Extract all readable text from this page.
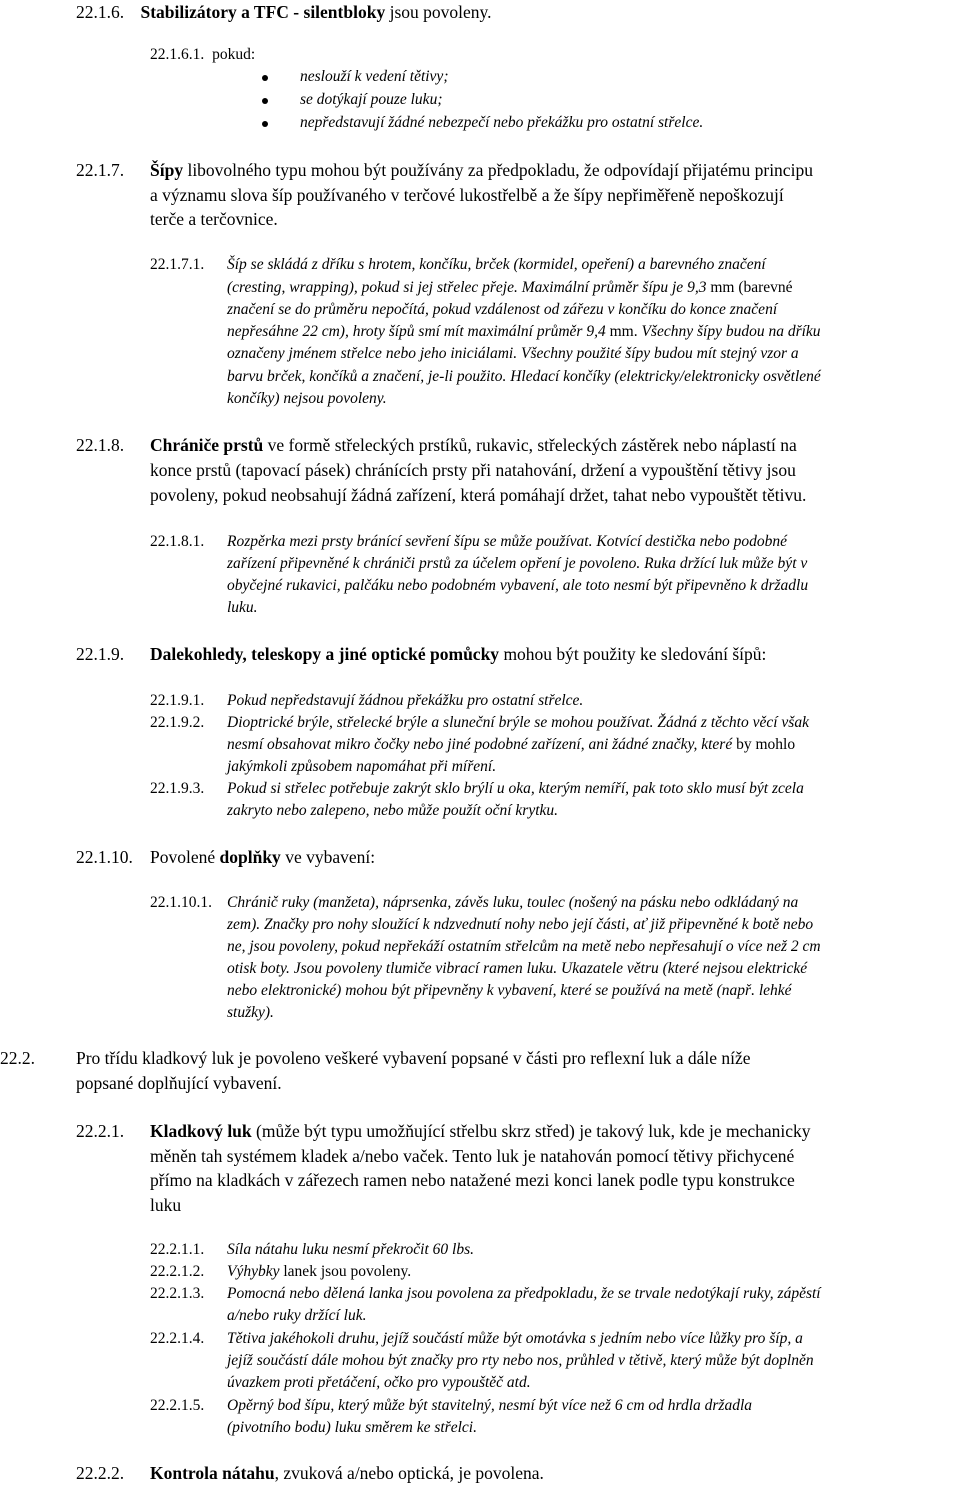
22.1.6. Stabilizátory a TFC - silentbloky jsou povoleny.
22.1.6.1. pokud:
neslouží k vedení tětivy;
se dotýkají pouze luku;
nepředstavují žádné nebezpečí nebo překážku pro ostatní střelce.
22.1.7. Šípy libovolného typu mohou být používány za předpokladu, že odpovídají přijatému principu
a významu slova šíp používaného v terčové lukostřelbě a že šípy nepřiměřeně nepoškozují
terče a terčovnice.
22.1.7.1. Šíp se skládá z dříku s hrotem, končíku, brček (kormidel, opeření) a barevného značení
(cresting, wrapping), pokud si jej střelec přeje. Maximální průměr šípu je 9,3 mm (barevné
značení se do průměru nepočítá, pokud vzdálenost od zářezu v končíku do konce značení
nepřesáhne 22 cm), hroty šípů smí mít maximální průměr 9,4 mm. Všechny šípy budou na dříku
označeny jménem střelce nebo jeho iniciálami. Všechny použité šípy budou mít stejný vzor a
barvu brček, končíků a značení, je-li použito. Hledací končíky (elektricky/elektronicky osvětlené
končíky) nejsou povoleny.
22.1.8. Chrániče prstů ve formě střeleckých prstíků, rukavic, střeleckých zástěrek nebo náplastí na
konce prstů (tapovací pásek) chránících prsty při natahování, držení a vypouštění tětivy jsou
povoleny, pokud neobsahují žádná zařízení, která pomáhají držet, tahat nebo vypouštět tětivu.
22.1.8.1. Rozpěrka mezi prsty bránící sevření šípu se může používat. Kotvící destička nebo podobné
zařízení připevněné k chrániči prstů za účelem opření je povoleno. Ruka držící luk může být v
obyčejné rukavici, palčáku nebo podobném vybavení, ale toto nesmí být připevněno k držadlu
luku.
22.1.9. Dalekohledy, teleskopy a jiné optické pomůcky mohou být použity ke sledování šípů:
22.1.9.1. Pokud nepředstavují žádnou překážku pro ostatní střelce.
22.1.9.2. Dioptrické brýle, střelecké brýle a sluneční brýle se mohou používat. Žádná z těchto věcí však
nesmí obsahovat mikro čočky nebo jiné podobné zařízení, ani žádné značky, které by mohlo
jakýmkoli způsobem napomáhat při míření.
22.1.9.3. Pokud si střelec potřebuje zakrýt sklo brýlí u oka, kterým nemíří, pak toto sklo musí být zcela
zakryto nebo zalepeno, nebo může použít oční krytku.
22.1.10. Povolené doplňky ve vybavení:
22.1.10.1. Chránič ruky (manžeta), náprsenka, závěs luku, toulec (nošený na pásku nebo odkládaný na
zem). Značky pro nohy sloužící k ndzvednutí nohy nebo její části, ať již připevněné k botě nebo
ne, jsou povoleny, pokud nepřekáží ostatním střelcům na metě nebo nepřesahují o více než 2 cm
otisk boty. Jsou povoleny tlumiče vibrací ramen luku. Ukazatele větru (které nejsou elektrické
nebo elektronické) mohou být připevněny k vybavení, které se používá na metě (např. lehké
stužky).
22.2. Pro třídu kladkový luk je povoleno veškeré vybavení popsané v části pro reflexní luk a dále níže
popsané doplňující vybavení.
22.2.1. Kladkový luk (může být typu umožňující střelbu skrz střed) je takový luk, kde je mechanicky
měněn tah systémem kladek a/nebo vaček. Tento luk je natahován pomocí tětivy přichycené
přímo na kladkách v zářezech ramen nebo natažené mezi konci lanek podle typu konstrukce
luku
22.2.1.1. Síla nátahu luku nesmí překročit 60 lbs.
22.2.1.2. Výhybky lanek jsou povoleny.
22.2.1.3. Pomocná nebo dělená lanka jsou povolena za předpokladu, že se trvale nedotýkají ruky, zápěstí
a/nebo ruky držící luk.
22.2.1.4. Tětiva jakéhokoli druhu, jejíž součástí může být omotávka s jedním nebo více lůžky pro šíp, a
jejíž součástí dále mohou být značky pro rty nebo nos, průhled v tětivě, který může být doplněn
úvazkem proti přetáčení, očko pro vypouštěč atd.
22.2.1.5. Opěrný bod šípu, který může být stavitelný, nesmí být více než 6 cm od hrdla držadla
(pivotního bodu) luku směrem ke střelci.
22.2.2. Kontrola nátahu, zvuková a/nebo optická, je povolena.
